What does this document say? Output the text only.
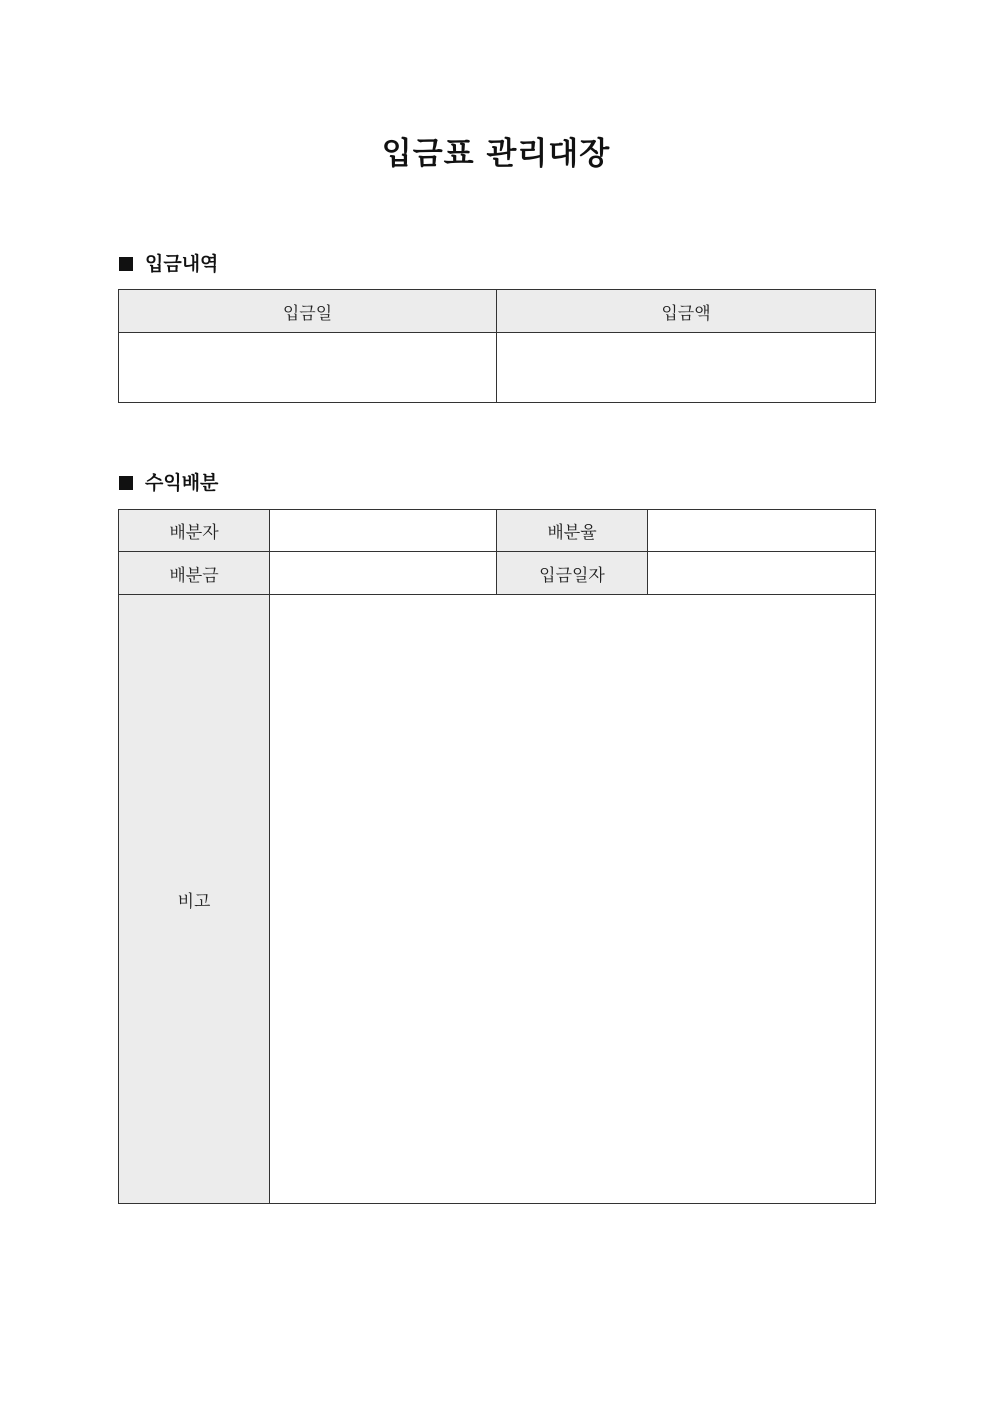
입금표 관리대장
입금내역
입금일	입금액

수익배분
배분자		배분율	
배분금		입금일자	
비고			
